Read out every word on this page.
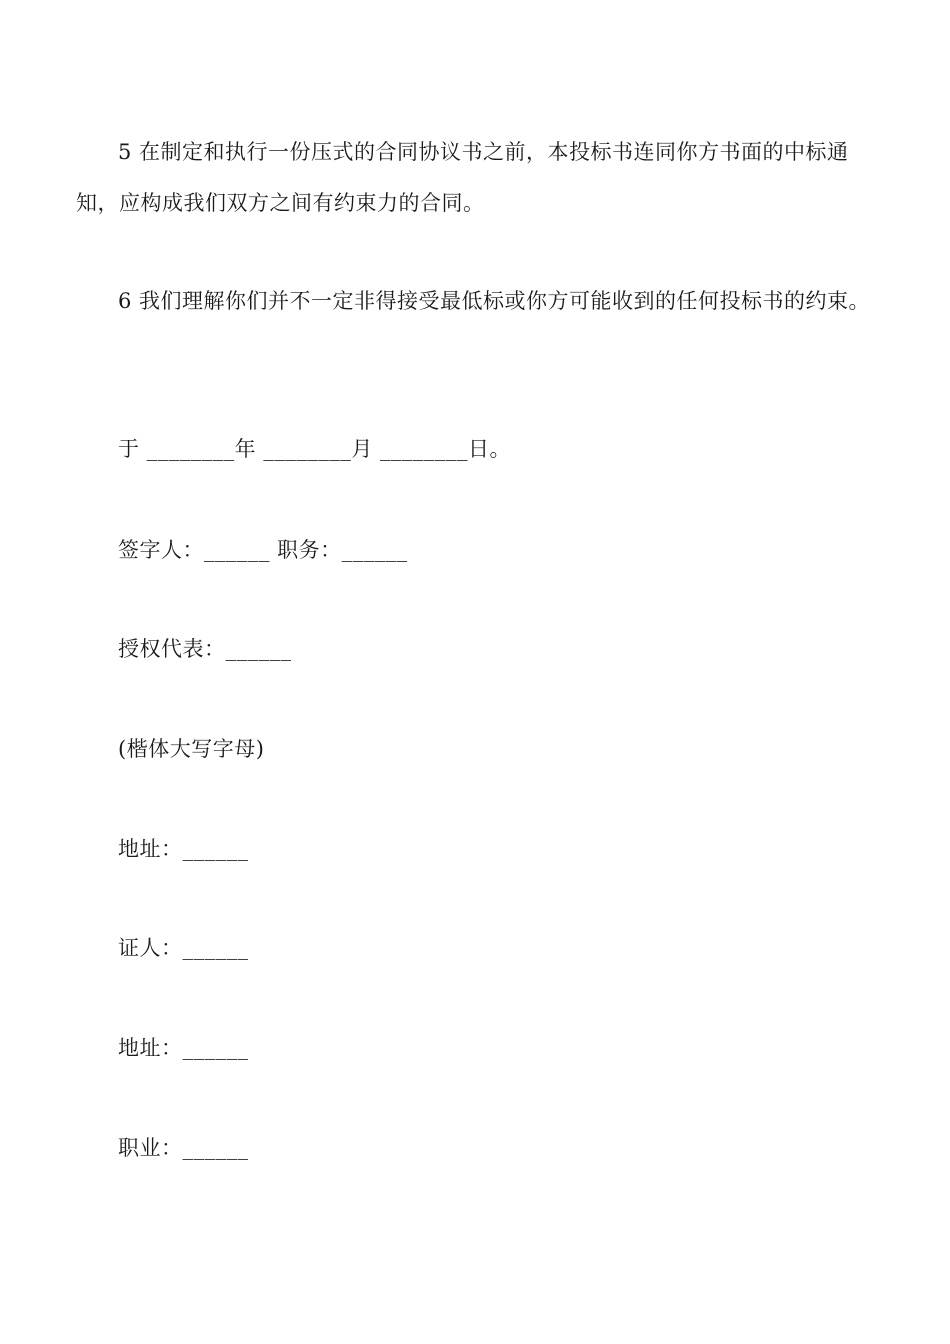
5 在制定和执行一份压式的合同协议书之前，本投标书连同你方书面的中标通知，应构成我们双方之间有约束力的合同。

6 我们理解你们并不一定非得接受最低标或你方可能收到的任何投标书的约束。

于 ________年 ________月 ________日。

签字人：______ 职务：______

授权代表：______

(楷体大写字母)

地址：______

证人：______

地址：______

职业：______
